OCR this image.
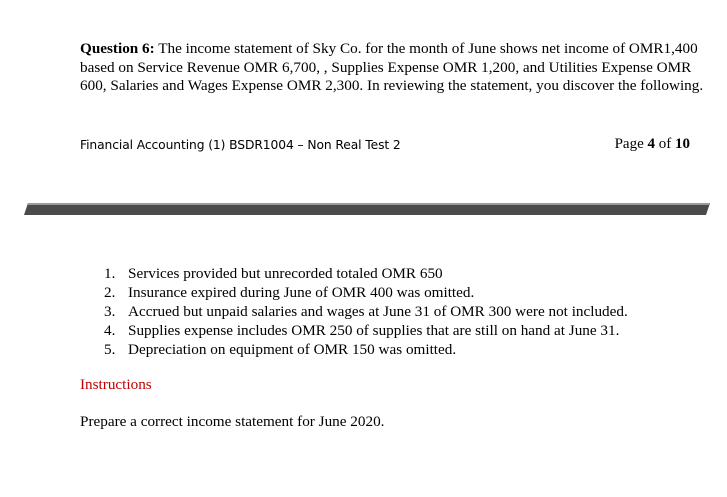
Question 6: The income statement of Sky Co. for the month of June shows net income of OMR1,400 based on Service Revenue OMR 6,700, , Supplies Expense OMR 1,200, and Utilities Expense OMR 600, Salaries and Wages Expense OMR 2,300. In reviewing the statement, you discover the following.
Financial Accounting (1) BSDR1004 – Non Real Test 2	Page 4 of 10
1. Services provided but unrecorded totaled OMR 650
2. Insurance expired during June of OMR 400 was omitted.
3. Accrued but unpaid salaries and wages at June 31 of OMR 300 were not included.
4. Supplies expense includes OMR 250 of supplies that are still on hand at June 31.
5. Depreciation on equipment of OMR 150 was omitted.
Instructions
Prepare a correct income statement for June 2020.
